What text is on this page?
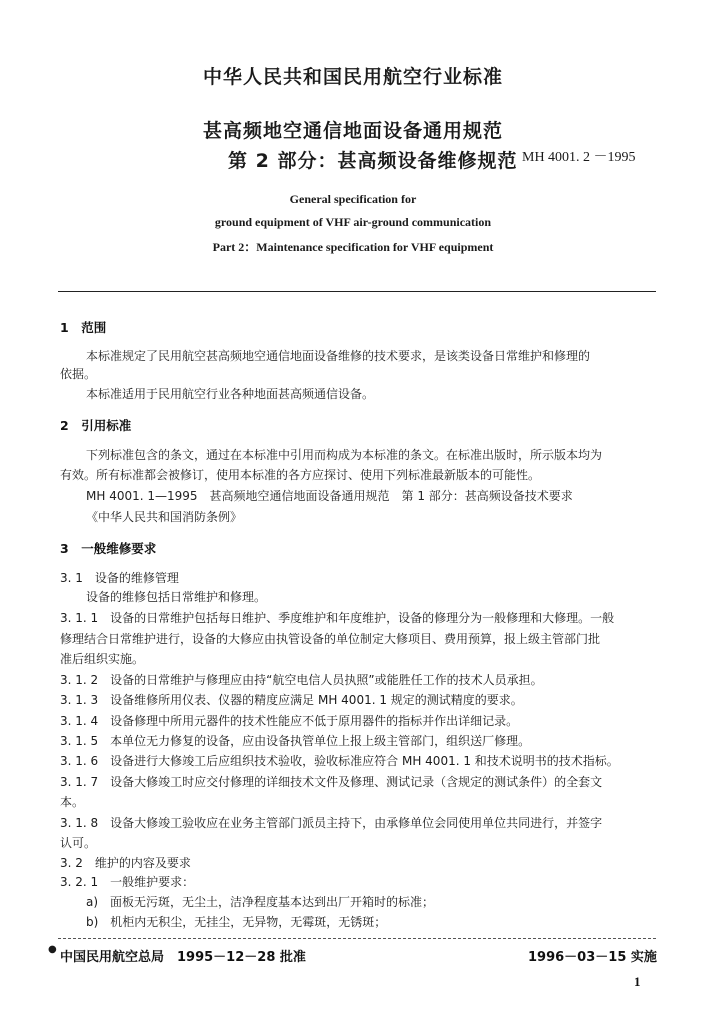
中华人民共和国民用航空行业标准
甚高频地空通信地面设备通用规范
第 2 部分：甚高频设备维修规范 MH 4001. 2 －1995
General specification for
ground equipment of VHF air-ground communication
Part 2：Maintenance specification for VHF equipment
1　范围
本标准规定了民用航空甚高频地空通信地面设备维修的技术要求，是该类设备日常维护和修理的
依据。
本标准适用于民用航空行业各种地面甚高频通信设备。
2　引用标准
下列标准包含的条文，通过在本标准中引用而构成为本标准的条文。在标准出版时，所示版本均为
有效。所有标准都会被修订，使用本标准的各方应探讨、使用下列标准最新版本的可能性。
MH 4001. 1—1995　甚高频地空通信地面设备通用规范　第 1 部分：甚高频设备技术要求
《中华人民共和国消防条例》
3　一般维修要求
3. 1　设备的维修管理
设备的维修包括日常维护和修理。
3. 1. 1　设备的日常维护包括每日维护、季度维护和年度维护，设备的修理分为一般修理和大修理。一般
修理结合日常维护进行，设备的大修应由执管设备的单位制定大修项目、费用预算，报上级主管部门批
准后组织实施。
3. 1. 2　设备的日常维护与修理应由持“航空电信人员执照”或能胜任工作的技术人员承担。
3. 1. 3　设备维修所用仪表、仪器的精度应满足 MH 4001. 1 规定的测试精度的要求。
3. 1. 4　设备修理中所用元器件的技术性能应不低于原用器件的指标并作出详细记录。
3. 1. 5　本单位无力修复的设备，应由设备执管单位上报上级主管部门，组织送厂修理。
3. 1. 6　设备进行大修竣工后应组织技术验收，验收标准应符合 MH 4001. 1 和技术说明书的技术指标。
3. 1. 7　设备大修竣工时应交付修理的详细技术文件及修理、测试记录（含规定的测试条件）的全套文
本。
3. 1. 8　设备大修竣工验收应在业务主管部门派员主持下，由承修单位会同使用单位共同进行，并签字
认可。
3. 2　维护的内容及要求
3. 2. 1　一般维护要求：
a)　面板无污斑，无尘土，洁净程度基本达到出厂开箱时的标准；
b)　机柜内无积尘，无挂尘，无异物，无霉斑，无锈斑；
●
中国民用航空总局　1995－12－28 批准	1996－03－15 实施
1
